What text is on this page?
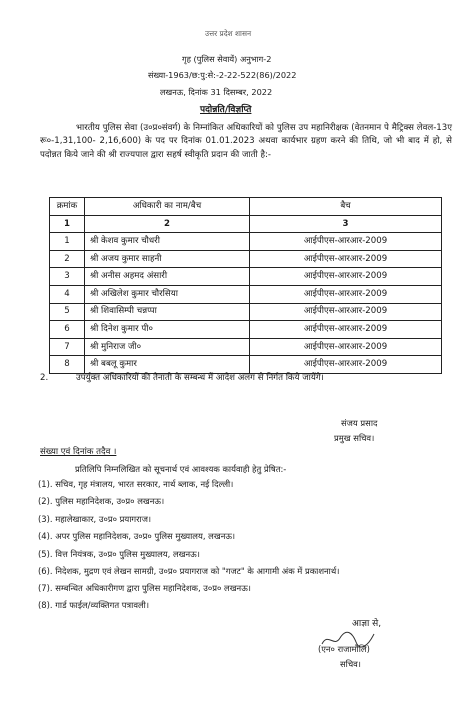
उत्तर प्रदेश शासन
गृह (पुलिस सेवायें) अनुभाग-2
संख्या-1963/छ:पु:से:-2-22-522(86)/2022
लखनऊ, दिनांक 31 दिसम्बर, 2022
पदोन्नति/विज्ञप्ति
भारतीय पुलिस सेवा (उ०प्र०संवर्ग) के निम्नांकित अधिकारियों को पुलिस उप महानिरीक्षक (वेतनमान पे मैट्रिक्स लेवल-13ए रू०-1,31,100- 2,16,600) के पद पर दिनांक 01.01.2023 अथवा कार्यभार ग्रहण करने की तिथि, जो भी बाद में हो, से पदोन्नत किये जाने की श्री राज्यपाल द्वारा सहर्ष स्वीकृति प्रदान की जाती है:-
क्रमांक	अधिकारी का नाम/बैच	बैच
1	2	3
1	श्री केशव कुमार चौधरी	आईपीएस-आरआर-2009
2	श्री अजय कुमार साहनी	आईपीएस-आरआर-2009
3	श्री अनीस अहमद अंसारी	आईपीएस-आरआर-2009
4	श्री अखिलेश कुमार चौरसिया	आईपीएस-आरआर-2009
5	श्री शिवासिम्पी चन्नप्पा	आईपीएस-आरआर-2009
6	श्री दिनेश कुमार पी०	आईपीएस-आरआर-2009
7	श्री मुनिराज जी०	आईपीएस-आरआर-2009
8	श्री बबलू कुमार	आईपीएस-आरआर-2009
2.	उपर्युक्त अधिकारियों की तैनाती के सम्बन्ध में आदेश अलग से निर्गत किये जायेंगे।
संजय प्रसाद
प्रमुख सचिव।
संख्या एवं दिनांक तदैव ।
प्रतिलिपि निम्नलिखित को सूचनार्थ एवं आवश्यक कार्यवाही हेतु प्रेषित:-
(1). सचिव, गृह मंत्रालय, भारत सरकार, नार्थ ब्लाक, नई दिल्ली।
(2). पुलिस महानिदेशक, उ०प्र० लखनऊ।
(3). महालेखाकार, उ०प्र० प्रयागराज।
(4). अपर पुलिस महानिदेशक, उ०प्र० पुलिस मुख्यालय, लखनऊ।
(5). वित्त नियंत्रक, उ०प्र० पुलिस मुख्यालय, लखनऊ।
(6). निदेशक, मुद्रण एवं लेखन सामग्री, उ०प्र० प्रयागराज को "गजट" के आगामी अंक में प्रकाशनार्थ।
(7). सम्बन्धित अधिकारीगण द्वारा पुलिस महानिदेशक, उ०प्र० लखनऊ।
(8). गार्ड फाईल/व्यक्तिगत पत्रावली।
आज्ञा से,
(एन० राजामौलि)
सचिव।
